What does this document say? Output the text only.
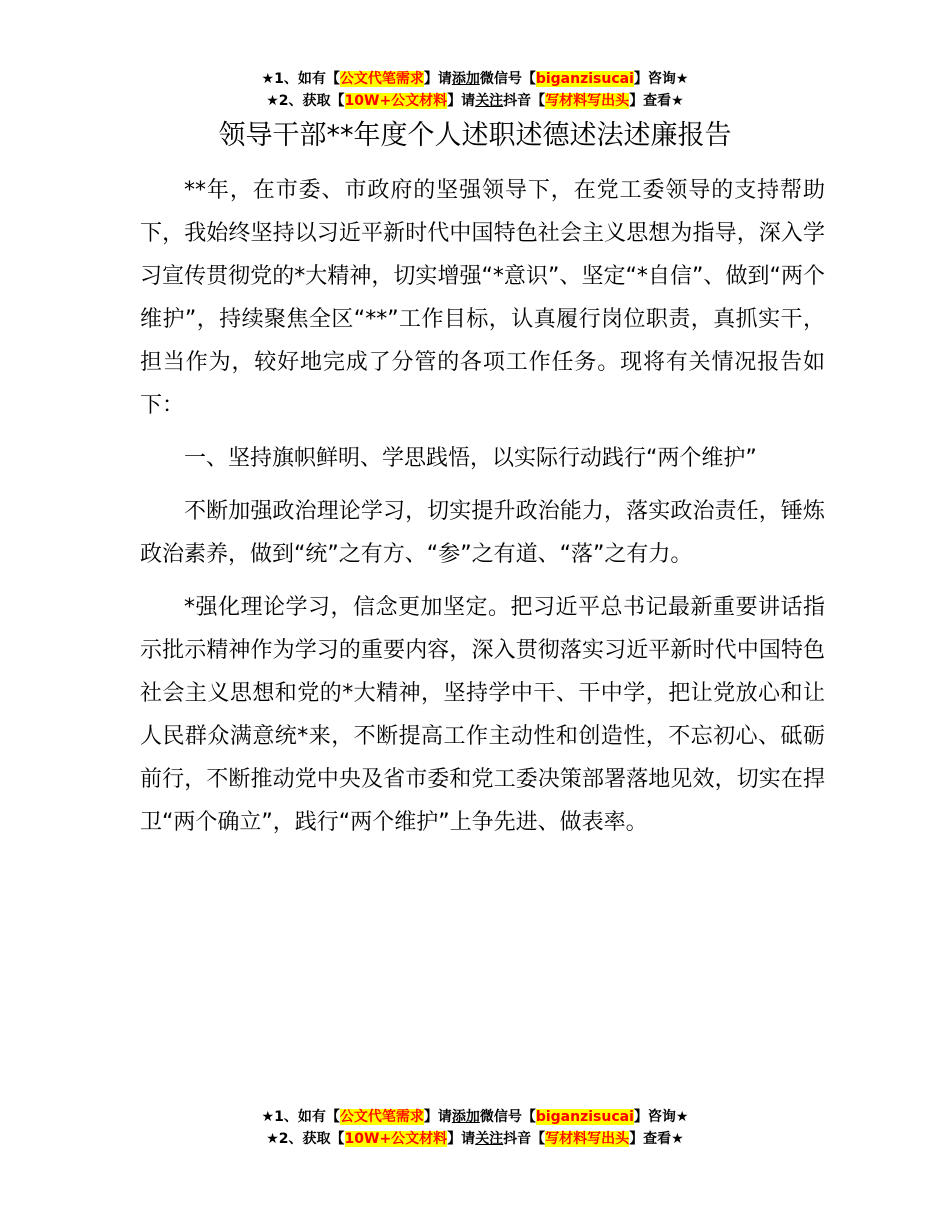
★1、如有【公文代笔需求】请添加微信号【biganzisucai】咨询★
★2、获取【10W+公文材料】请关注抖音【写材料写出头】查看★
领导干部**年度个人述职述德述法述廉报告

**年，在市委、市政府的坚强领导下，在党工委领导的支持帮助下，我始终坚持以习近平新时代中国特色社会主义思想为指导，深入学习宣传贯彻党的*大精神，切实增强“*意识”、坚定“*自信”、做到“两个维护”，持续聚焦全区“**”工作目标，认真履行岗位职责，真抓实干，担当作为，较好地完成了分管的各项工作任务。现将有关情况报告如下：

一、坚持旗帜鲜明、学思践悟，以实际行动践行“两个维护”

不断加强政治理论学习，切实提升政治能力，落实政治责任，锤炼政治素养，做到“统”之有方、“参”之有道、“落”之有力。

*强化理论学习，信念更加坚定。把习近平总书记最新重要讲话指示批示精神作为学习的重要内容，深入贯彻落实习近平新时代中国特色社会主义思想和党的*大精神，坚持学中干、干中学，把让党放心和让人民群众满意统*来，不断提高工作主动性和创造性，不忘初心、砥砺前行，不断推动党中央及省市委和党工委决策部署落地见效，切实在捍卫“两个确立”，践行“两个维护”上争先进、做表率。

★1、如有【公文代笔需求】请添加微信号【biganzisucai】咨询★
★2、获取【10W+公文材料】请关注抖音【写材料写出头】查看★
